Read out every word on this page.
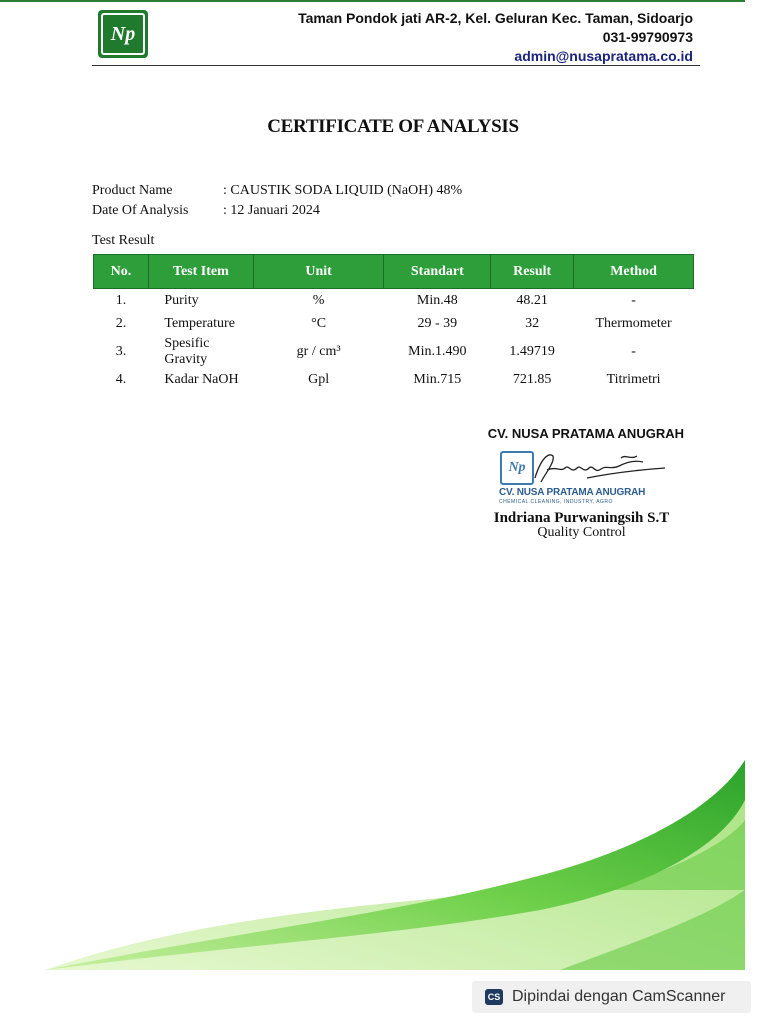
Np
Taman Pondok jati AR-2, Kel. Geluran Kec. Taman, Sidoarjo
031-99790973
admin@nusapratama.co.id
CERTIFICATE OF ANALYSIS
Product Name	: CAUSTIK SODA LIQUID (NaOH) 48%
Date Of Analysis	: 12 Januari 2024
Test Result
No.	Test Item	Unit	Standart	Result	Method
1.	Purity	%	Min.48	48.21	-
2.	Temperature	°C	29 - 39	32	Thermometer
3.	Spesific Gravity	gr / cm³	Min.1.490	1.49719	-
4.	Kadar NaOH	Gpl	Min.715	721.85	Titrimetri
CV. NUSA PRATAMA ANUGRAH
Np
CV. NUSA PRATAMA ANUGRAH
CHEMICAL CLEANING, INDUSTRY, AGRO
Indriana Purwaningsih S.T
Quality Control
CS Dipindai dengan CamScanner
